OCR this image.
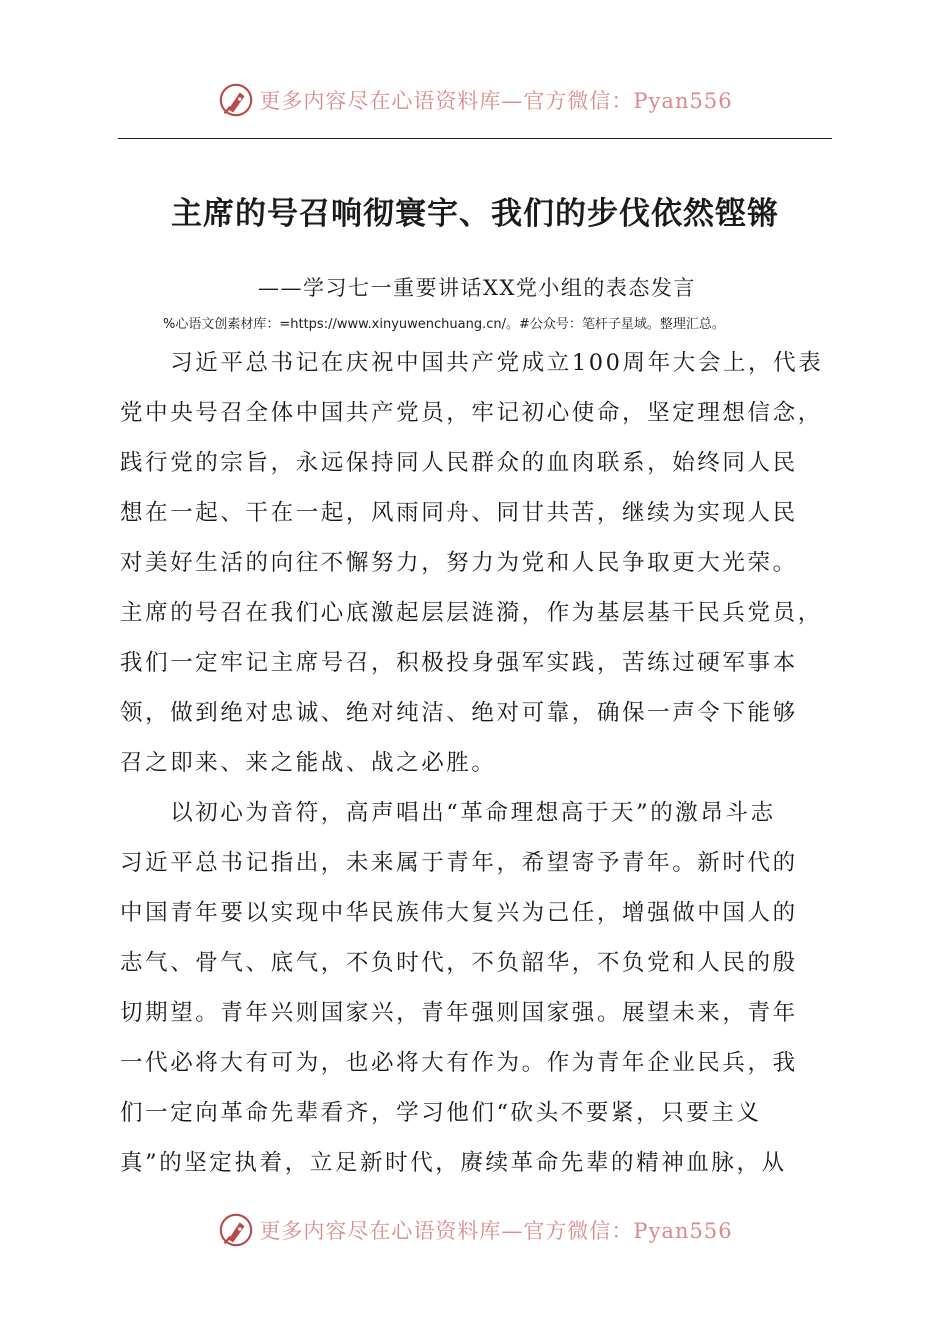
更多内容尽在心语资料库—官方微信：Pyan556
主席的号召响彻寰宇、我们的步伐依然铿锵
——学习七一重要讲话XX党小组的表态发言
%心语文创素材库：=https://www.xinyuwenchuang.cn/。#公众号：笔杆子星域。整理汇总。
　　习近平总书记在庆祝中国共产党成立100周年大会上，代表
党中央号召全体中国共产党员，牢记初心使命，坚定理想信念，
践行党的宗旨，永远保持同人民群众的血肉联系，始终同人民
想在一起、干在一起，风雨同舟、同甘共苦，继续为实现人民
对美好生活的向往不懈努力，努力为党和人民争取更大光荣。
主席的号召在我们心底激起层层涟漪，作为基层基干民兵党员，
我们一定牢记主席号召，积极投身强军实践，苦练过硬军事本
领，做到绝对忠诚、绝对纯洁、绝对可靠，确保一声令下能够
召之即来、来之能战、战之必胜。
　　以初心为音符，高声唱出“革命理想高于天”的激昂斗志
习近平总书记指出，未来属于青年，希望寄予青年。新时代的
中国青年要以实现中华民族伟大复兴为己任，增强做中国人的
志气、骨气、底气，不负时代，不负韶华，不负党和人民的殷
切期望。青年兴则国家兴，青年强则国家强。展望未来，青年
一代必将大有可为，也必将大有作为。作为青年企业民兵，我
们一定向革命先辈看齐，学习他们“砍头不要紧，只要主义
真”的坚定执着，立足新时代，赓续革命先辈的精神血脉，从
更多内容尽在心语资料库—官方微信：Pyan556
